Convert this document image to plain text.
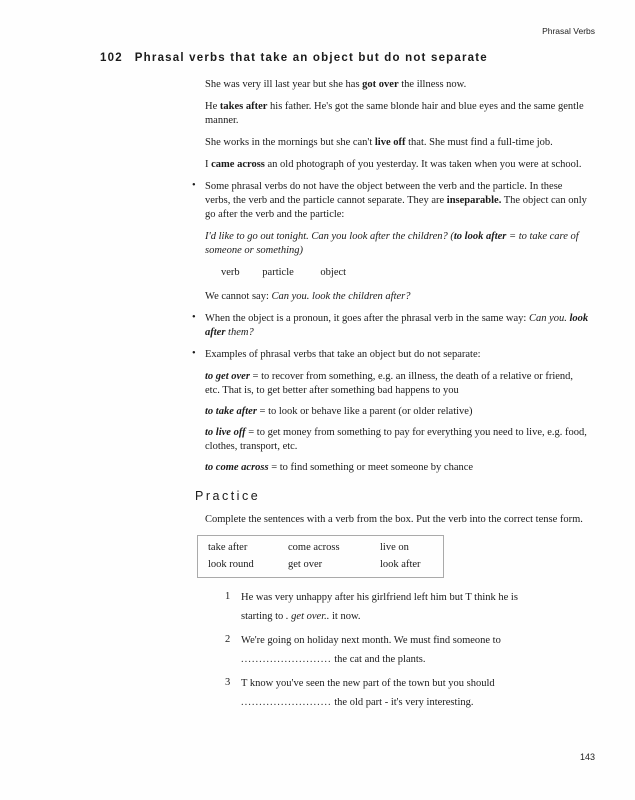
Phrasal Verbs
102 Phrasal verbs that take an object but do not separate

She was very ill last year but she has got over the illness now.

He takes after his father. He's got the same blonde hair and blue eyes and the same gentle manner.

She works in the mornings but she can't live off that. She must find a full-time job.

I came across an old photograph of you yesterday. It was taken when you were at school.

• Some phrasal verbs do not have the object between the verb and the particle. In these verbs, the verb and the particle cannot separate. They are inseparable. The object can only go after the verb and the particle:

I'd like to go out tonight. Can you look after the children? (to look after = to take care of someone or something)

verb particle	object

We cannot say: Can you. look the children after?

• When the object is a pronoun, it goes after the phrasal verb in the same way: Can you. look after them?

• Examples of phrasal verbs that take an object but do not separate:

to get over = to recover from something, e.g. an illness, the death of a relative or friend, etc. That is, to get better after something bad happens to you

to take after = to look or behave like a parent (or older relative)

to live off = to get money from something to pay for everything you need to live, e.g. food, clothes, transport, etc.

to come across = to find something or meet someone by chance

Practice

Complete the sentences with a verb from the box. Put the verb into the correct tense form.

take after	come across	live on
look round	get over	look after
1	He was very unhappy after his girlfriend left him but T think he is
starting to . get over.. it now.
2	We're going on holiday next month. We must find someone to
......................... the cat and the plants.
3	T know you've seen the new part of the town but you should
......................... the old part - it's very interesting.
143
